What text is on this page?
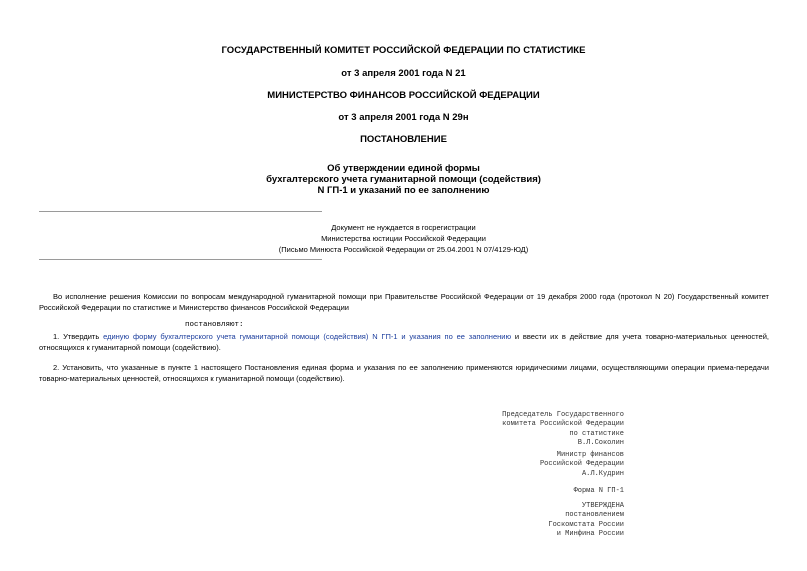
ГОСУДАРСТВЕННЫЙ КОМИТЕТ РОССИЙСКОЙ ФЕДЕРАЦИИ ПО СТАТИСТИКЕ
от 3 апреля 2001 года N 21
МИНИСТЕРСТВО ФИНАНСОВ РОССИЙСКОЙ ФЕДЕРАЦИИ
от 3 апреля 2001 года N 29н
ПОСТАНОВЛЕНИЕ
Об утверждении единой формы
бухгалтерского учета гуманитарной помощи (содействия)
N ГП-1 и указаний по ее заполнению
Документ не нуждается в госрегистрации
Министерства юстиции Российской Федерации
(Письмо Минюста Российской Федерации от 25.04.2001 N 07/4129-ЮД)
Во исполнение решения Комиссии по вопросам международной гуманитарной помощи при Правительстве Российской Федерации от 19 декабря 2000 года (протокол N 20) Государственный комитет Российской Федерации по статистике и Министерство финансов Российской Федерации
постановляют:
1. Утвердить единую форму бухгалтерского учета гуманитарной помощи (содействия) N ГП-1 и указания по ее заполнению и ввести их в действие для учета товарно-материальных ценностей, относящихся к гуманитарной помощи (содействию).
2. Установить, что указанные в пункте 1 настоящего Постановления единая форма и указания по ее заполнению применяются юридическими лицами, осуществляющими операции приема-передачи товарно-материальных ценностей, относящихся к гуманитарной помощи (содействию).
Председатель Государственного
комитета Российской Федерации
по статистике
В.Л.Соколин
Министр финансов
Российской Федерации
А.Л.Кудрин
Форма N ГП-1
УТВЕРЖДЕНА
постановлением
Госкомстата России
и Минфина России
